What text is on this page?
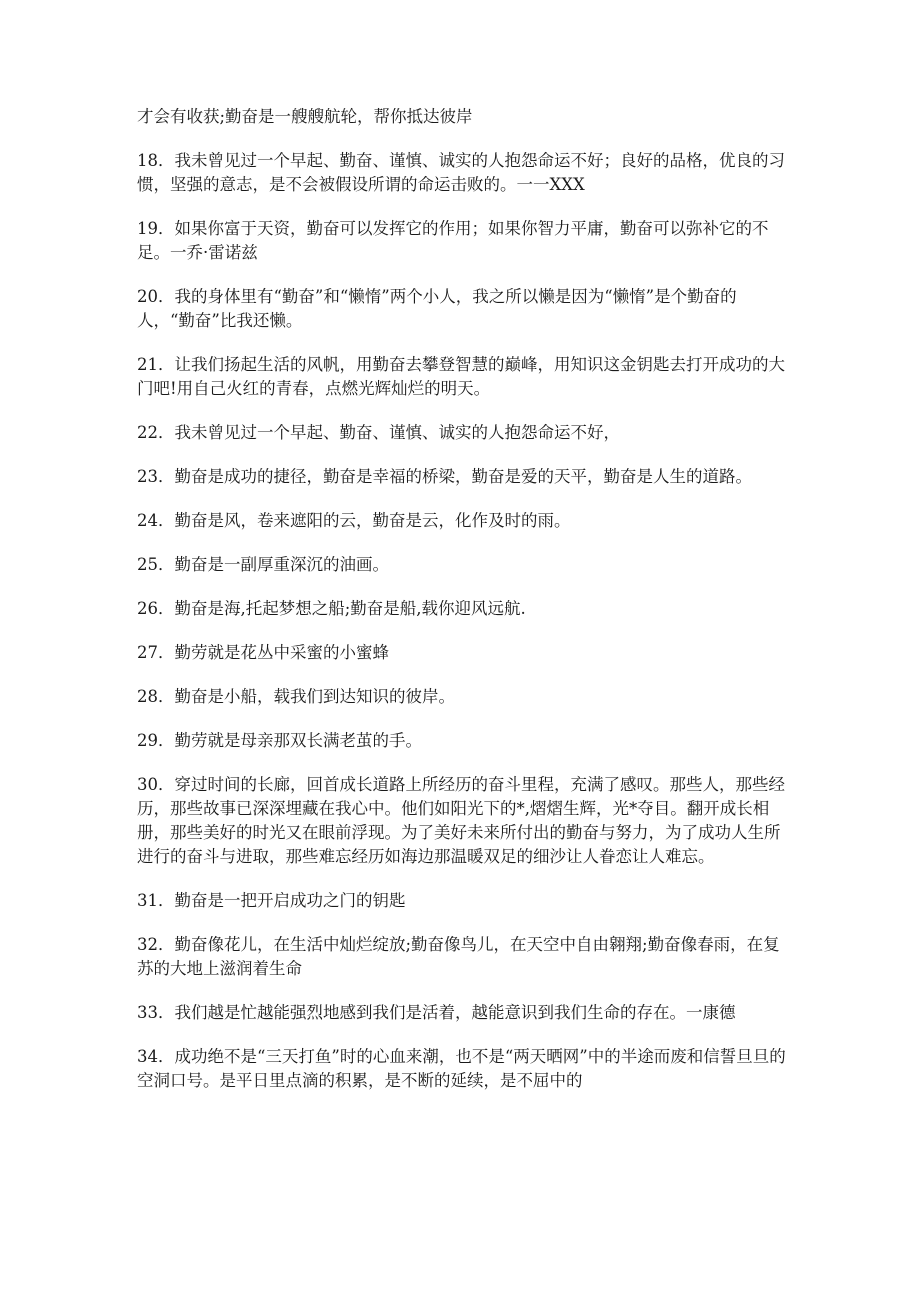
才会有收获;勤奋是一艘艘航轮，帮你抵达彼岸

18．我未曾见过一个早起、勤奋、谨慎、诚实的人抱怨命运不好；良好的品格，优良的习惯，坚强的意志，是不会被假设所谓的命运击败的。一一XXX

19．如果你富于天资，勤奋可以发挥它的作用；如果你智力平庸，勤奋可以弥补它的不足。一乔·雷诺兹

20．我的身体里有“勤奋”和“懒惰”两个小人，我之所以懒是因为“懒惰”是个勤奋的人，“勤奋”比我还懒。

21．让我们扬起生活的风帆，用勤奋去攀登智慧的巅峰，用知识这金钥匙去打开成功的大门吧!用自己火红的青春，点燃光辉灿烂的明天。

22．我未曾见过一个早起、勤奋、谨慎、诚实的人抱怨命运不好，

23．勤奋是成功的捷径，勤奋是幸福的桥梁，勤奋是爱的天平，勤奋是人生的道路。

24．勤奋是风，卷来遮阳的云，勤奋是云，化作及时的雨。

25．勤奋是一副厚重深沉的油画。

26．勤奋是海,托起梦想之船;勤奋是船,载你迎风远航.

27．勤劳就是花丛中采蜜的小蜜蜂

28．勤奋是小船，载我们到达知识的彼岸。

29．勤劳就是母亲那双长满老茧的手。

30．穿过时间的长廊，回首成长道路上所经历的奋斗里程，充满了感叹。那些人，那些经历，那些故事已深深埋藏在我心中。他们如阳光下的*,熠熠生辉，光*夺目。翻开成长相册，那些美好的时光又在眼前浮现。为了美好未来所付出的勤奋与努力，为了成功人生所进行的奋斗与进取，那些难忘经历如海边那温暖双足的细沙让人眷恋让人难忘。

31．勤奋是一把开启成功之门的钥匙

32．勤奋像花儿，在生活中灿烂绽放;勤奋像鸟儿，在天空中自由翱翔;勤奋像春雨，在复苏的大地上滋润着生命

33．我们越是忙越能强烈地感到我们是活着，越能意识到我们生命的存在。一康德

34．成功绝不是“三天打鱼”时的心血来潮，也不是“两天晒网”中的半途而废和信誓旦旦的空洞口号。是平日里点滴的积累，是不断的延续，是不屈中的
